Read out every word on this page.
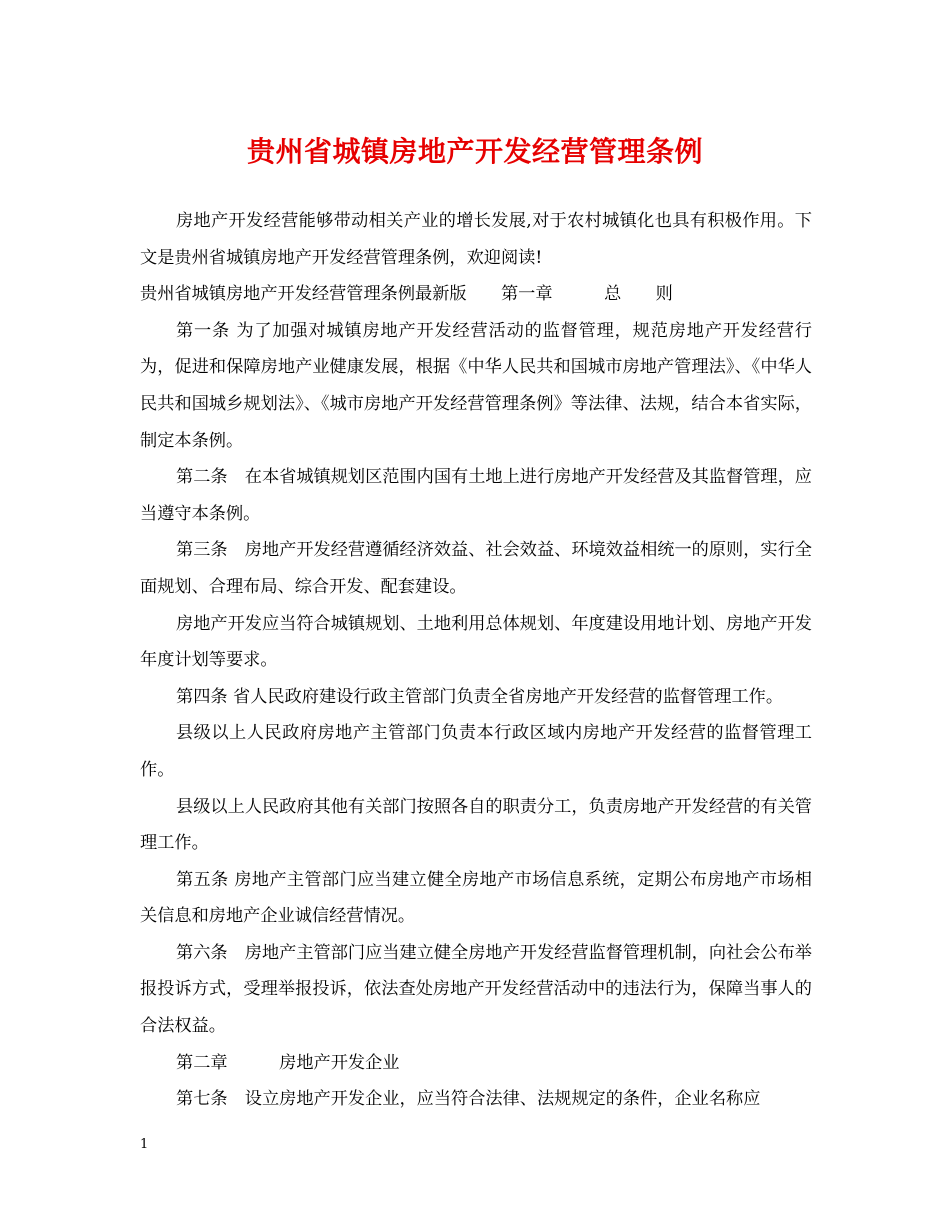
贵州省城镇房地产开发经营管理条例

房地产开发经营能够带动相关产业的增长发展,对于农村城镇化也具有积极作用。下文是贵州省城镇房地产开发经营管理条例，欢迎阅读!

贵州省城镇房地产开发经营管理条例最新版　　第一章　　　总　　则

第一条 为了加强对城镇房地产开发经营活动的监督管理，规范房地产开发经营行为，促进和保障房地产业健康发展，根据《中华人民共和国城市房地产管理法》、《中华人民共和国城乡规划法》、《城市房地产开发经营管理条例》等法律、法规，结合本省实际，制定本条例。

第二条　在本省城镇规划区范围内国有土地上进行房地产开发经营及其监督管理，应当遵守本条例。

第三条　房地产开发经营遵循经济效益、社会效益、环境效益相统一的原则，实行全面规划、合理布局、综合开发、配套建设。

房地产开发应当符合城镇规划、土地利用总体规划、年度建设用地计划、房地产开发年度计划等要求。

第四条 省人民政府建设行政主管部门负责全省房地产开发经营的监督管理工作。

县级以上人民政府房地产主管部门负责本行政区域内房地产开发经营的监督管理工作。

县级以上人民政府其他有关部门按照各自的职责分工，负责房地产开发经营的有关管理工作。

第五条 房地产主管部门应当建立健全房地产市场信息系统，定期公布房地产市场相关信息和房地产企业诚信经营情况。

第六条　房地产主管部门应当建立健全房地产开发经营监督管理机制，向社会公布举报投诉方式，受理举报投诉，依法查处房地产开发经营活动中的违法行为，保障当事人的合法权益。

第二章　　　房地产开发企业

第七条　设立房地产开发企业，应当符合法律、法规规定的条件，企业名称应

1
